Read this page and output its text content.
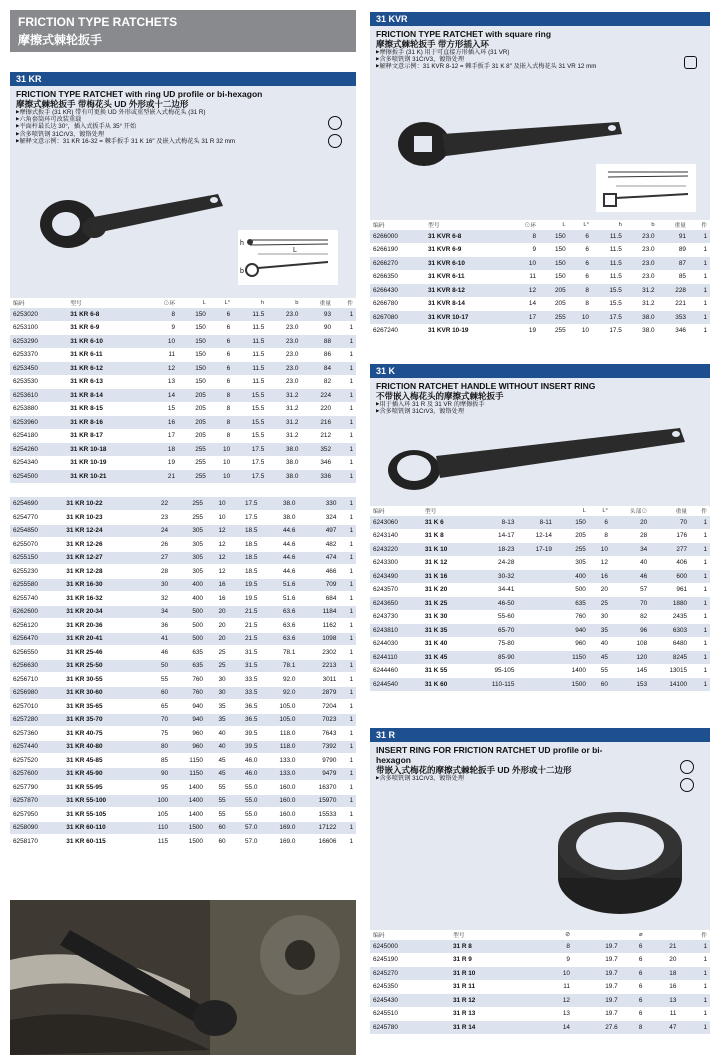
FRICTION TYPE RATCHETS
摩擦式棘轮扳手
31 KR
FRICTION TYPE RATCHET with ring UD profile or bi-hexagon
摩擦式棘轮扳手 带梅花头 UD 外形或十二边形
▶ 摩擦式扳手 (31 KR) 带有可更换 UD 外形或重型嵌入式梅花头 (31 R)
▶ 六角套筒环可改装重载
▶ 平面杆最长达 30°，插入式扳手从 35° 开始
▶ 含多喷钒钢 31CrV3，镀铬处理
▶ 解释文意示例：31 KR 16-32 = 棘手扳手 31 K 16″ 及嵌入式梅花头 31 R 32 mm
h
L
b
编码	型号	⊙环	L	L°	h	b	重量	件
6253020	31 KR 6-8	8	150	6	11.5	23.0	93	1
6253100	31 KR 6-9	9	150	6	11.5	23.0	90	1
6253290	31 KR 6-10	10	150	6	11.5	23.0	88	1
6253370	31 KR 6-11	11	150	6	11.5	23.0	86	1
6253450	31 KR 6-12	12	150	6	11.5	23.0	84	1
6253530	31 KR 6-13	13	150	6	11.5	23.0	82	1
6253610	31 KR 8-14	14	205	8	15.5	31.2	224	1
6253880	31 KR 8-15	15	205	8	15.5	31.2	220	1
6253960	31 KR 8-16	16	205	8	15.5	31.2	216	1
6254180	31 KR 8-17	17	205	8	15.5	31.2	212	1
6254260	31 KR 10-18	18	255	10	17.5	38.0	352	1
6254340	31 KR 10-19	19	255	10	17.5	38.0	346	1
6254500	31 KR 10-21	21	255	10	17.5	38.0	336	1
6254690	31 KR 10-22	22	255	10	17.5	38.0	330	1
6254770	31 KR 10-23	23	255	10	17.5	38.0	324	1
6254850	31 KR 12-24	24	305	12	18.5	44.6	497	1
6255070	31 KR 12-26	26	305	12	18.5	44.6	482	1
6255150	31 KR 12-27	27	305	12	18.5	44.6	474	1
6255230	31 KR 12-28	28	305	12	18.5	44.6	466	1
6255580	31 KR 16-30	30	400	16	19.5	51.6	709	1
6255740	31 KR 16-32	32	400	16	19.5	51.6	684	1
6262600	31 KR 20-34	34	500	20	21.5	63.6	1184	1
6256120	31 KR 20-36	36	500	20	21.5	63.6	1162	1
6256470	31 KR 20-41	41	500	20	21.5	63.6	1098	1
6256550	31 KR 25-46	46	635	25	31.5	78.1	2302	1
6256630	31 KR 25-50	50	635	25	31.5	78.1	2213	1
6256710	31 KR 30-55	55	760	30	33.5	92.0	3011	1
6256980	31 KR 30-60	60	760	30	33.5	92.0	2879	1
6257010	31 KR 35-65	65	940	35	36.5	105.0	7204	1
6257280	31 KR 35-70	70	940	35	36.5	105.0	7023	1
6257360	31 KR 40-75	75	960	40	39.5	118.0	7643	1
6257440	31 KR 40-80	80	960	40	39.5	118.0	7392	1
6257520	31 KR 45-85	85	1150	45	46.0	133.0	9790	1
6257600	31 KR 45-90	90	1150	45	46.0	133.0	9479	1
6257790	31 KR 55-95	95	1400	55	55.0	160.0	16370	1
6257870	31 KR 55-100	100	1400	55	55.0	160.0	15970	1
6257950	31 KR 55-105	105	1400	55	55.0	160.0	15533	1
6258090	31 KR 60-110	110	1500	60	57.0	169.0	17122	1
6258170	31 KR 60-115	115	1500	60	57.0	169.0	16606	1
31 KVR
FRICTION TYPE RATCHET with square ring
摩擦式棘轮扳手 带方形插入环
▶ 摩擦扳手 (31 K) 用于可直接方形插入环 (31 VR)
▶ 含多喷钒钢 31CrV3，镀铬处理
▶ 解释文意示例：31 KVR 8-12 = 棘手扳手 31 K 8″ 及嵌入式梅花头 31 VR 12 mm
编码	型号	⊙环	L	L°	h	b	重量	件
6266000	31 KVR 6-8	8	150	6	11.5	23.0	91	1
6266190	31 KVR 6-9	9	150	6	11.5	23.0	89	1
6266270	31 KVR 6-10	10	150	6	11.5	23.0	87	1
6266350	31 KVR 6-11	11	150	6	11.5	23.0	85	1
6266430	31 KVR 8-12	12	205	8	15.5	31.2	228	1
6266780	31 KVR 8-14	14	205	8	15.5	31.2	221	1
6267080	31 KVR 10-17	17	255	10	17.5	38.0	353	1
6267240	31 KVR 10-19	19	255	10	17.5	38.0	346	1
31 K
FRICTION RATCHET HANDLE WITHOUT INSERT RING
不带嵌入梅花头的摩擦式棘轮扳手
▶ 用于插入环 31 R 及 31 VR 的摩擦扳手
▶ 含多喷钒钢 31CrV3，镀铬处理
编码	型号			L	L°	头部⊙	重量	件
6243060	31 K 6	8-13	8-11	150	6	20	70	1
6243140	31 K 8	14-17	12-14	205	8	28	176	1
6243220	31 K 10	18-23	17-19	255	10	34	277	1
6243300	31 K 12	24-28		305	12	40	406	1
6243490	31 K 16	30-32		400	16	46	600	1
6243570	31 K 20	34-41		500	20	57	961	1
6243650	31 K 25	46-50		635	25	70	1880	1
6243730	31 K 30	55-60		760	30	82	2435	1
6243810	31 K 35	65-70		940	35	96	6303	1
6244030	31 K 40	75-80		960	40	108	6480	1
6244110	31 K 45	85-90		1150	45	120	8245	1
6244460	31 K 55	95-105		1400	55	145	13015	1
6244540	31 K 60	110-115		1500	60	153	14100	1
31 R
INSERT RING FOR FRICTION RATCHET UD profile or bi-hexagon
带嵌入式梅花的摩擦式棘轮扳手 UD 外形或十二边形
▶ 含多喷钒钢 31CrV3，镀铬处理
编码	型号		⊘		⌀		件
6245000	31 R 8		8	19.7	6	21	1
6245190	31 R 9		9	19.7	6	20	1
6245270	31 R 10		10	19.7	6	18	1
6245350	31 R 11		11	19.7	6	16	1
6245430	31 R 12		12	19.7	6	13	1
6245510	31 R 13		13	19.7	6	11	1
6245780	31 R 14		14	27.6	8	47	1
